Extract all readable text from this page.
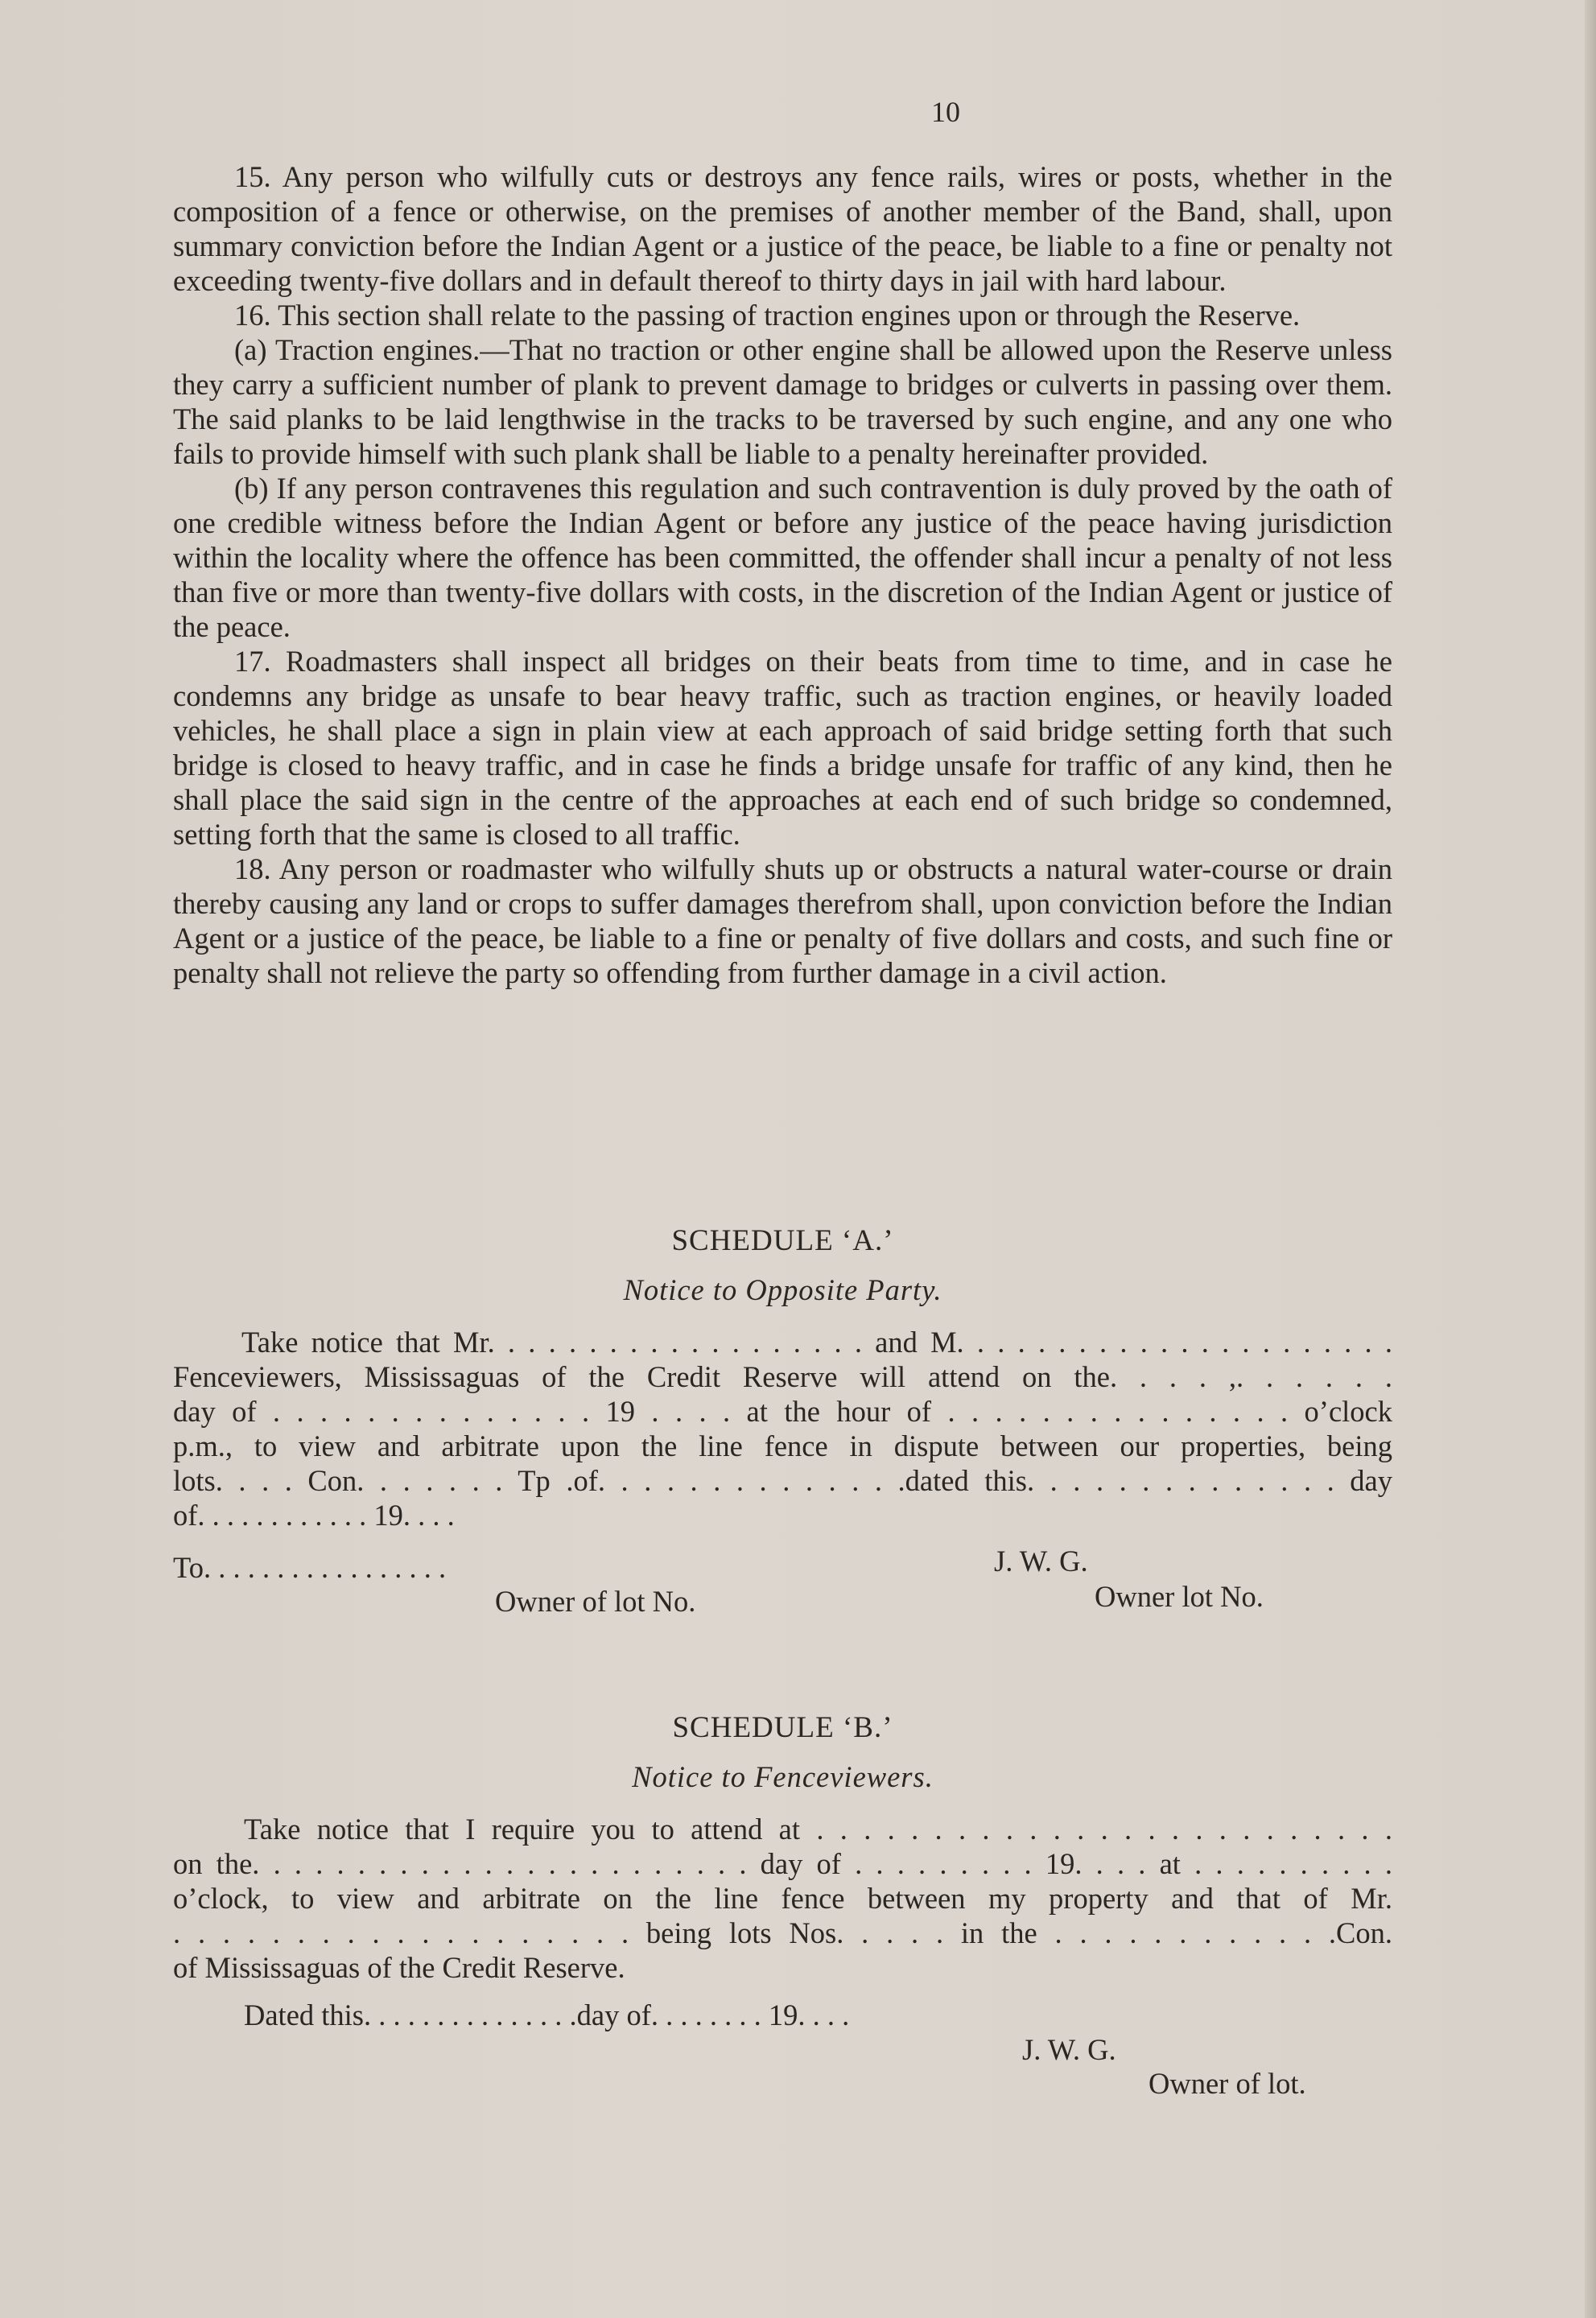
10

15. Any person who wilfully cuts or destroys any fence rails, wires or posts, whether in the composition of a fence or otherwise, on the premises of another member of the Band, shall, upon summary conviction before the Indian Agent or a justice of the peace, be liable to a fine or penalty not exceeding twenty-five dollars and in default thereof to thirty days in jail with hard labour.

16. This section shall relate to the passing of traction engines upon or through the Reserve.

(a) Traction engines.—That no traction or other engine shall be allowed upon the Reserve unless they carry a sufficient number of plank to prevent damage to bridges or culverts in passing over them. The said planks to be laid lengthwise in the tracks to be traversed by such engine, and any one who fails to provide himself with such plank shall be liable to a penalty hereinafter provided.

(b) If any person contravenes this regulation and such contravention is duly proved by the oath of one credible witness before the Indian Agent or before any justice of the peace having jurisdiction within the locality where the offence has been committed, the offender shall incur a penalty of not less than five or more than twenty-five dollars with costs, in the discretion of the Indian Agent or justice of the peace.

17. Roadmasters shall inspect all bridges on their beats from time to time, and in case he condemns any bridge as unsafe to bear heavy traffic, such as traction engines, or heavily loaded vehicles, he shall place a sign in plain view at each approach of said bridge setting forth that such bridge is closed to heavy traffic, and in case he finds a bridge unsafe for traffic of any kind, then he shall place the said sign in the centre of the approaches at each end of such bridge so condemned, setting forth that the same is closed to all traffic.

18. Any person or roadmaster who wilfully shuts up or obstructs a natural water-course or drain thereby causing any land or crops to suffer damages therefrom shall, upon conviction before the Indian Agent or a justice of the peace, be liable to a fine or penalty of five dollars and costs, and such fine or penalty shall not relieve the party so offending from further damage in a civil action.

SCHEDULE ‘A.’
Notice to Opposite Party.
Take notice that Mr. . . . . . . . . . . . . . . . . . . and M. . . . . . . . . . . . . . . . . . . . . .
Fenceviewers, Mississaguas of the Credit Reserve will attend on the. . . . ,. . . . . .
day of . . . . . . . . . . . . . . 19 . . . . at the hour of . . . . . . . . . . . . . . . o’clock
p.m., to view and arbitrate upon the line fence in dispute between our properties, being
lots. . . . Con. . . . . . . Tp .of. . . . . . . . . . . . . .dated this. . . . . . . . . . . . . . day
of. . . . . . . . . . . . 19. . . .
To. . . . . . . . . . . . . . . . .	J. W. G.
Owner of lot No.	Owner lot No.
SCHEDULE ‘B.’
Notice to Fenceviewers.
Take notice that I require you to attend at . . . . . . . . . . . . . . . . . . . . . . . . .
on the. . . . . . . . . . . . . . . . . . . . . . . . day of . . . . . . . . . 19. . . . at . . . . . . . . . .
o’clock, to view and arbitrate on the line fence between my property and that of Mr.
. . . . . . . . . . . . . . . . . . . being lots Nos. . . . . in the . . . . . . . . . . . .Con.
of Mississaguas of the Credit Reserve.
Dated this. . . . . . . . . . . . . . .day of. . . . . . . . 19. . . .
J. W. G.
Owner of lot.
